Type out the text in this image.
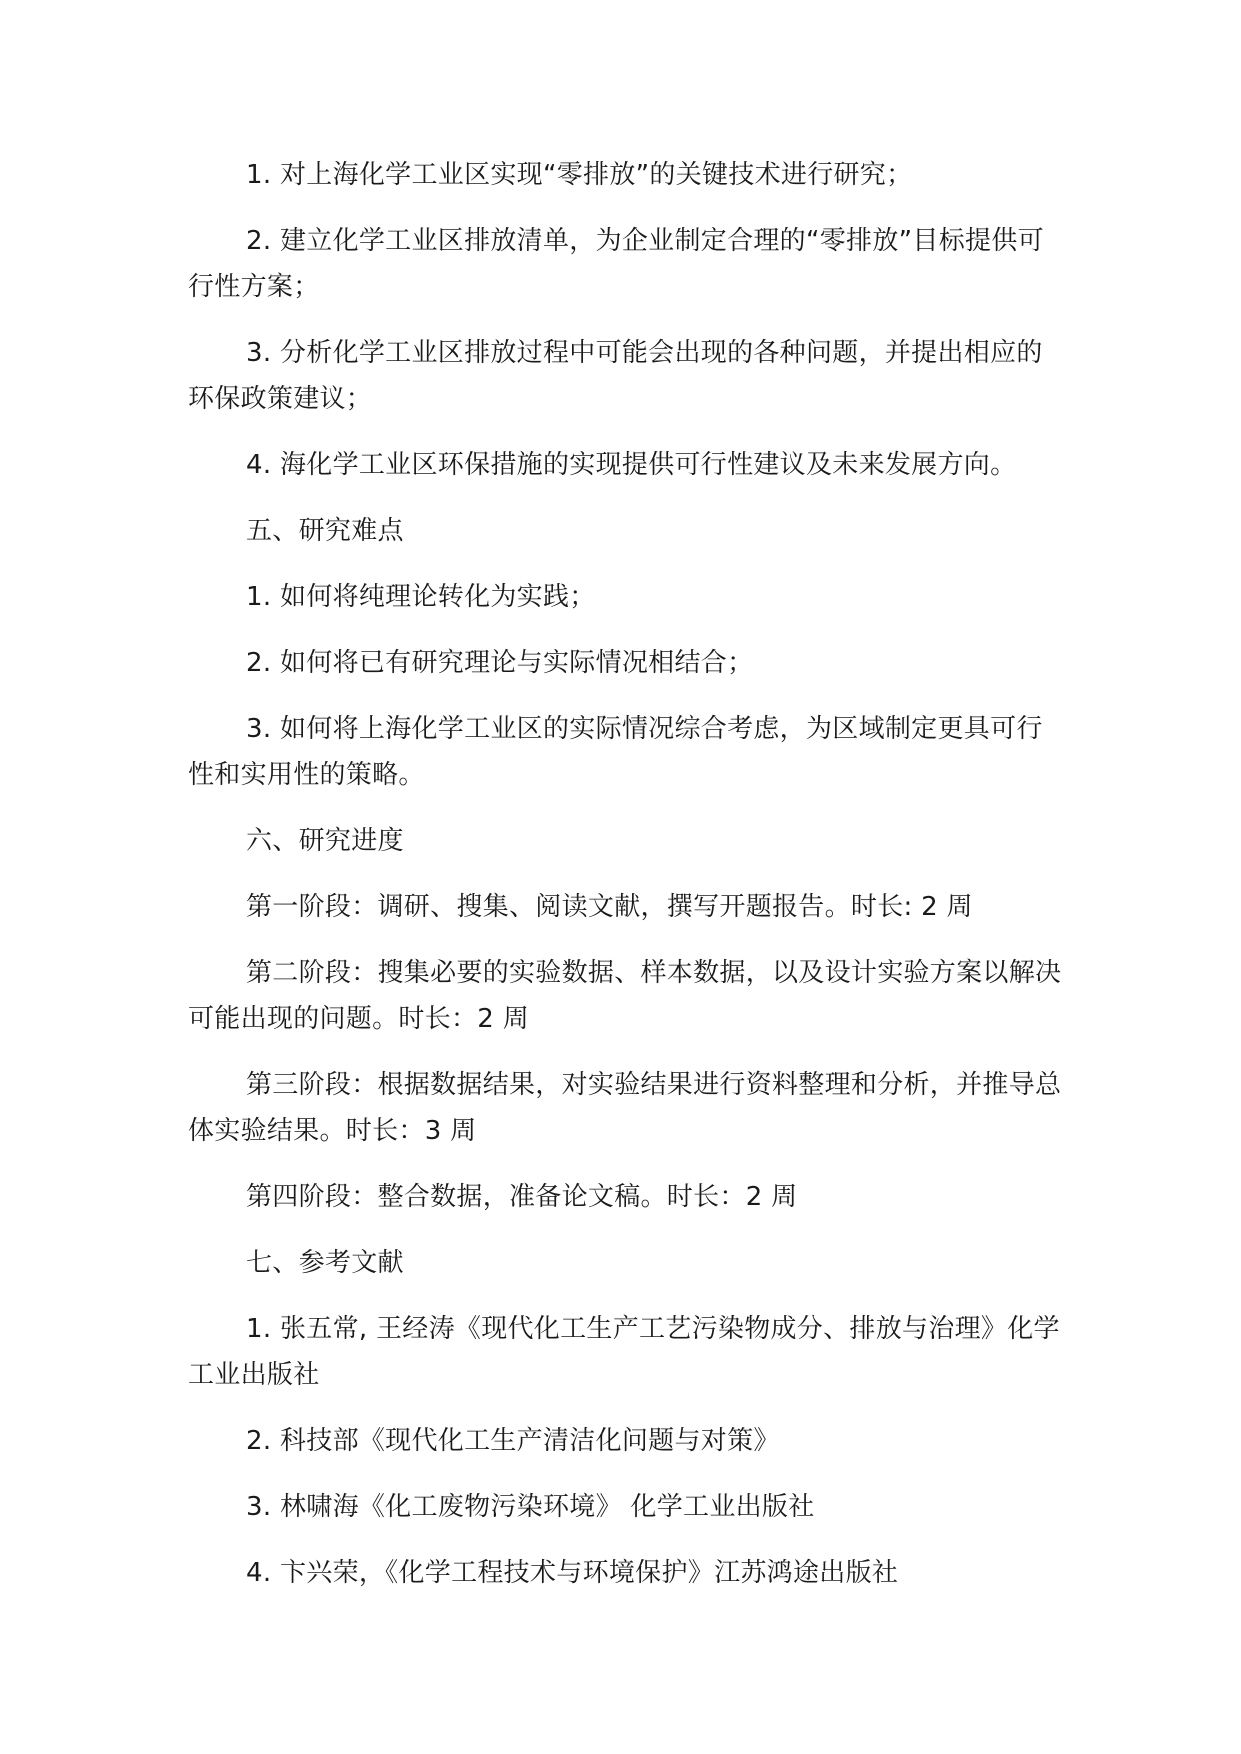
1. 对上海化学工业区实现“零排放”的关键技术进行研究；

2. 建立化学工业区排放清单，为企业制定合理的“零排放”目标提供可行性方案；

3. 分析化学工业区排放过程中可能会出现的各种问题，并提出相应的环保政策建议；

4. 海化学工业区环保措施的实现提供可行性建议及未来发展方向。

五、研究难点

1. 如何将纯理论转化为实践；

2. 如何将已有研究理论与实际情况相结合；

3. 如何将上海化学工业区的实际情况综合考虑，为区域制定更具可行性和实用性的策略。

六、研究进度

第一阶段：调研、搜集、阅读文献，撰写开题报告。时长: 2 周

第二阶段：搜集必要的实验数据、样本数据，以及设计实验方案以解决可能出现的问题。时长：2 周

第三阶段：根据数据结果，对实验结果进行资料整理和分析，并推导总体实验结果。时长：3 周

第四阶段：整合数据，准备论文稿。时长：2 周

七、参考文献

1. 张五常, 王经涛《现代化工生产工艺污染物成分、排放与治理》化学工业出版社

2. 科技部《现代化工生产清洁化问题与对策》

3. 林啸海《化工废物污染环境》 化学工业出版社

4. 卞兴荣，《化学工程技术与环境保护》江苏鸿途出版社
